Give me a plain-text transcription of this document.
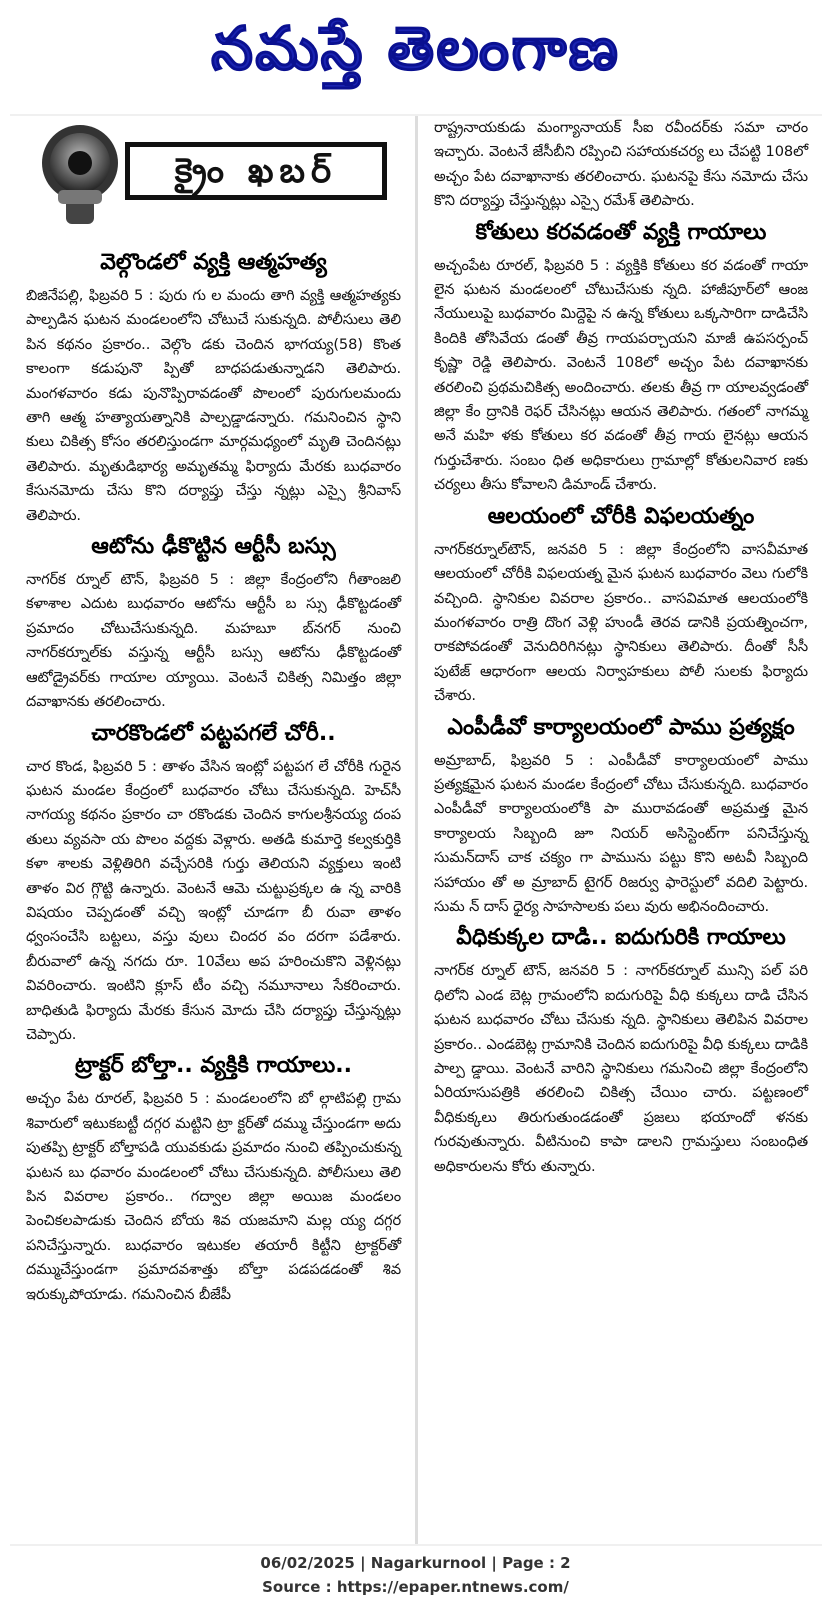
నమస్తే తెలంగాణ
క్రైం ఖబర్
వెల్గొండలో వ్యక్తి ఆత్మహత్య

బిజినేపల్లి, ఫిబ్రవరి 5 : పురు గు ల మందు తాగి వ్యక్తి ఆత్మహత్యకు పాల్పడిన ఘటన మండలంలోని చోటుచే సుకున్నది. పోలీసులు తెలి పిన కథనం ప్రకారం.. వెల్గొం డకు చెందిన భాగయ్య(58) కొంత కాలంగా కడుపునొ ప్పితో బాధపడుతున్నాడని తెలిపారు. మంగళవారం కడు పునొప్పిరావడంతో పొలంలో పురుగులమందు తాగి ఆత్మ హత్యాయత్నానికి పాల్పడ్డాడన్నారు. గమనించిన స్థాని కులు చికిత్స కోసం తరలిస్తుండగా మార్గమధ్యంలో మృతి చెందినట్లు తెలిపారు. మృతుడిభార్య అమృతమ్మ ఫిర్యాదు మేరకు బుధవారం కేసునమోదు చేసు కొని దర్యాప్తు చేస్తు న్నట్లు ఎస్సై శ్రీనివాస్ తెలిపారు.

ఆటోను ఢీకొట్టిన ఆర్టీసీ బస్సు

నాగర్‌క ర్నూల్ టౌన్, ఫిబ్రవరి 5 : జిల్లా కేంద్రంలోని గీతాంజలి కళాశాల ఎదుట బుధవారం ఆటోను ఆర్టీసీ బ స్సు ఢీకొట్టడంతో ప్రమాదం చోటుచేసుకున్నది. మహబూ బ్‌నగర్ నుంచి నాగర్‌కర్నూల్‌కు వస్తున్న ఆర్టీసీ బస్సు ఆటోను ఢీకొట్టడంతో ఆటోడ్రైవర్‌కు గాయాల య్యాయి. వెంటనే చికిత్స నిమిత్తం జిల్లా దవాఖానకు తరలించారు.

చారకొండలో పట్టపగలే చోరీ..

చార కొండ, ఫిబ్రవరి 5 : తాళం వేసిన ఇంట్లో పట్టపగ లే చోరీకి గురైన ఘటన మండల కేంద్రంలో బుధవారం చోటు చేసుకున్నది. హెచ్‌సీ నాగయ్య కథనం ప్రకారం చా రకొండకు చెందిన కాగులశ్రీనయ్య దంప తులు వ్యవసా య పొలం వద్దకు వెళ్లారు. అతడి కుమార్తె కల్వకుర్తికి కళా శాలకు వెళ్లితిరిగి వచ్చేసరికి గుర్తు తెలియని వ్యక్తులు ఇంటి తాళం విర గ్గొట్టి ఉన్నారు. వెంటనే ఆమె చుట్టుప్రక్కల ఉ న్న వారికి విషయం చెప్పడంతో వచ్చి ఇంట్లో చూడగా బీ రువా తాళం ధ్వంసంచేసి బట్టలు, వస్తు వులు చిందర వం దరగా పడేశారు. బీరువాలో ఉన్న నగదు రూ. 10వేలు అప హరించుకొని వెళ్లినట్లు వివరించారు. ఇంటిని క్లూస్ టీం వచ్చి నమూనాలు సేకరించారు. బాధితుడి ఫిర్యాదు మేరకు కేసున మోదు చేసి దర్యాప్తు చేస్తున్నట్లు చెప్పారు.

ట్రాక్టర్ బోల్తా.. వ్యక్తికి గాయాలు..

అచ్చం పేట రూరల్, ఫిబ్రవరి 5 : మండలంలోని బో ల్గాటిపల్లి గ్రామ శివారులో ఇటుకబట్టీ దగ్గర మట్టిని ట్రా క్టర్‌తో దమ్ము చేస్తుండగా అదు పుతప్పి ట్రాక్టర్ బోల్తాపడి యువకుడు ప్రమాదం నుంచి తప్పించుకున్న ఘటన బు ధవారం మండలంలో చోటు చేసుకున్నది. పోలీసులు తెలి పిన వివరాల ప్రకారం.. గద్వాల జిల్లా అయిజ మండలం పెంచికలపాడుకు చెందిన బోయ శివ యజమాని మల్ల య్య దగ్గర పనిచేస్తున్నారు. బుధవారం ఇటుకల తయారీ కిట్టీని ట్రాక్టర్‌తో దమ్ముచేస్తుండగా ప్రమాదవశాత్తు బోల్తా పడపడడంతో శివ ఇరుక్కుపోయాడు. గమనించిన బీజేపీ

రాష్ట్రనాయకుడు మంగ్యానాయక్ సీఐ రవీందర్‌కు సమా చారం ఇచ్చారు. వెంటనే జేసీబీని రప్పించి సహాయకచర్య లు చేపట్టి 108లో అచ్చం పేట దవాఖానాకు తరలించారు. ఘటనపై కేసు నమోదు చేసు కొని దర్యాప్తు చేస్తున్నట్లు ఎస్సై రమేశ్ తెలిపారు.

కోతులు కరవడంతో వ్యక్తి గాయాలు

అచ్చంపేట రూరల్, ఫిబ్రవరి 5 : వ్యక్తికి కోతులు కర వడంతో గాయా లైన ఘటన మండలంలో చోటుచేసుకు న్నది. హాజీపూర్‌లో ఆంజ నేయులుపై బుధవారం మిద్దెపై న ఉన్న కోతులు ఒక్కసారిగా దాడిచేసి కిందికి తోసివేయ డంతో తీవ్ర గాయపర్చాయని మాజీ ఉపసర్పంచ్ కృష్ణా రెడ్డి తెలిపారు. వెంటనే 108లో అచ్చం పేట దవాఖానకు తరలించి ప్రథమచికిత్స అందించారు. తలకు తీవ్ర గా యాలవ్వడంతో జిల్లా కేం ద్రానికి రెఫర్ చేసినట్లు ఆయన తెలిపారు. గతంలో నాగమ్మ అనే మహి ళకు కోతులు కర వడంతో తీవ్ర గాయ లైనట్లు ఆయన గుర్తుచేశారు. సంబం ధిత అధికారులు గ్రామాల్లో కోతులనివార ణకు చర్యలు తీసు కోవాలని డిమాండ్ చేశారు.

ఆలయంలో చోరీకి విఫలయత్నం

నాగర్‌కర్నూల్‌టౌన్, జనవరి 5 : జిల్లా కేంద్రంలోని వాసవీమాత ఆలయంలో చోరీకి విఫలయత్న మైన ఘటన బుధవారం వెలు గులోకి వచ్చింది. స్థానికుల వివరాల ప్రకారం.. వాసవిమాత ఆలయంలోకి మంగళవారం రాత్రి దొంగ వెళ్లి హుండీ తెరవ డానికి ప్రయత్నించగా, రాకపోవడంతో వెనుదిరిగినట్లు స్థానికులు తెలిపారు. దీంతో సీసీ పుటేజ్ ఆధారంగా ఆలయ నిర్వాహకులు పోలీ సులకు ఫిర్యాదు చేశారు.

ఎంపీడీవో కార్యాలయంలో పాము ప్రత్యక్షం

అమ్రాబాద్, ఫిబ్రవరి 5 : ఎంపీడీవో కార్యాలయంలో పాము ప్రత్యక్షమైన ఘటన మండల కేంద్రంలో చోటు చేసుకున్నది. బుధవారం ఎంపీడీవో కార్యాలయంలోకి పా మురావడంతో అప్రమత్త మైన కార్యాలయ సిబ్బంది జూ నియర్ అసిస్టెంట్‌గా పనిచేస్తున్న సుమన్‌దాస్ చాక చక్యం గా పామును పట్టు కొని అటవీ సిబ్బంది సహాయం తో అ మ్రాబాద్ టైగర్ రిజర్వు ఫారెస్టులో వదిలి పెట్టారు. సుమ న్ దాస్ ధైర్య సాహసాలకు పలు వురు అభినందించారు.

వీధికుక్కల దాడి.. ఐదుగురికి గాయాలు

నాగర్‌క ర్నూల్ టౌన్, జనవరి 5 : నాగర్‌కర్నూల్ మున్సి పల్ పరి ధిలోని ఎండ బెట్ల గ్రామంలోని ఐదుగురిపై వీధి కుక్కలు దాడి చేసిన ఘటన బుధవారం చోటు చేసుకు న్నది. స్థానికులు తెలిపిన వివరాల ప్రకారం.. ఎండబెట్ల గ్రామానికి చెందిన ఐదుగురిపై వీధి కుక్కలు దాడికి పాల్ప డ్డాయి. వెంటనే వారిని స్థానికులు గమనించి జిల్లా కేంద్రంలోని ఏరియాసుపత్రికి తరలించి చికిత్స చేయిం చారు. పట్టణంలో వీధికుక్కలు తిరుగుతుండడంతో ప్రజలు భయాందో ళనకు గురవుతున్నారు. వీటినుంచి కాపా డాలని గ్రామస్తులు సంబంధిత అధికారులను కోరు తున్నారు.

06/02/2025 | Nagarkurnool | Page : 2
Source : https://epaper.ntnews.com/
